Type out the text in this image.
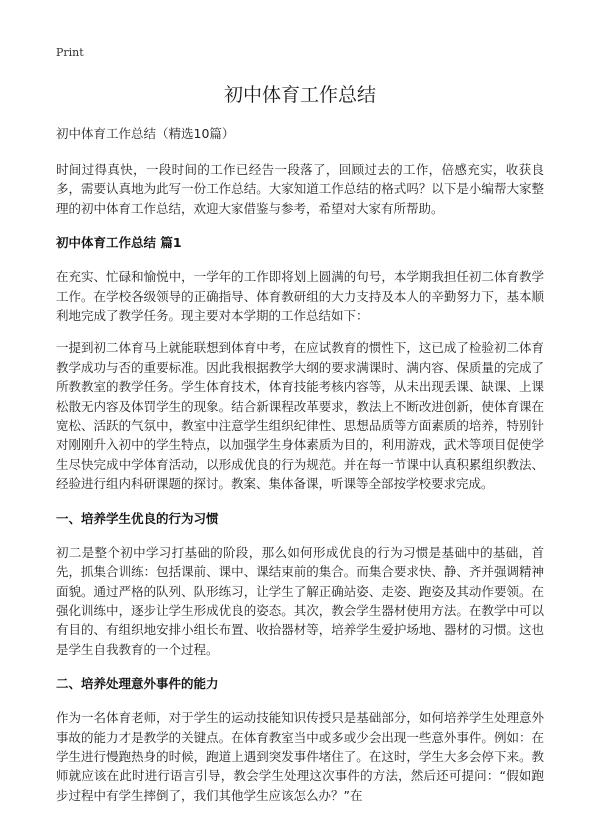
Print

初中体育工作总结

初中体育工作总结（精选10篇）

时间过得真快，一段时间的工作已经告一段落了，回顾过去的工作，倍感充实，收获良多，需要认真地为此写一份工作总结。大家知道工作总结的格式吗？以下是小编帮大家整理的初中体育工作总结，欢迎大家借鉴与参考，希望对大家有所帮助。

初中体育工作总结 篇1

在充实、忙碌和愉悦中，一学年的工作即将划上圆满的句号，本学期我担任初二体育教学工作。在学校各级领导的正确指导、体育教研组的大力支持及本人的辛勤努力下，基本顺利地完成了教学任务。现主要对本学期的工作总结如下：

一提到初二体育马上就能联想到体育中考，在应试教育的惯性下，这已成了检验初二体育教学成功与否的重要标准。因此我根据教学大纲的要求满课时、满内容、保质量的完成了所教教室的教学任务。学生体育技术，体育技能考核内容等，从未出现丢课、缺课、上课松散无内容及体罚学生的现象。结合新课程改革要求，教法上不断改进创新，使体育课在宽松、活跃的气氛中，教室中注意学生组织纪律性、思想品质等方面素质的培养，特别针对刚刚升入初中的学生特点，以加强学生身体素质为目的，利用游戏，武术等项目促使学生尽快完成中学体育活动，以形成优良的行为规范。并在每一节课中认真积累组织教法、经验进行组内科研课题的探讨。教案、集体备课，听课等全部按学校要求完成。

一、培养学生优良的行为习惯

初二是整个初中学习打基础的阶段，那么如何形成优良的行为习惯是基础中的基础，首先，抓集合训练：包括课前、课中、课结束前的集合。而集合要求快、静、齐并强调精神面貌。通过严格的队列、队形练习，让学生了解正确站姿、走姿、跑姿及其动作要领。在强化训练中，逐步让学生形成优良的姿态。其次，教会学生器材使用方法。在教学中可以有目的、有组织地安排小组长布置、收拾器材等，培养学生爱护场地、器材的习惯。这也是学生自我教育的一个过程。

二、培养处理意外事件的能力

作为一名体育老师，对于学生的运动技能知识传授只是基础部分，如何培养学生处理意外事故的能力才是教学的关键点。在体育教室当中或多或少会出现一些意外事件。例如：在学生进行慢跑热身的时候，跑道上遇到突发事件堵住了。在这时，学生大多会停下来。教师就应该在此时进行语言引导，教会学生处理这次事件的方法，然后还可提问：“假如跑步过程中有学生摔倒了，我们其他学生应该怎么办？”在
